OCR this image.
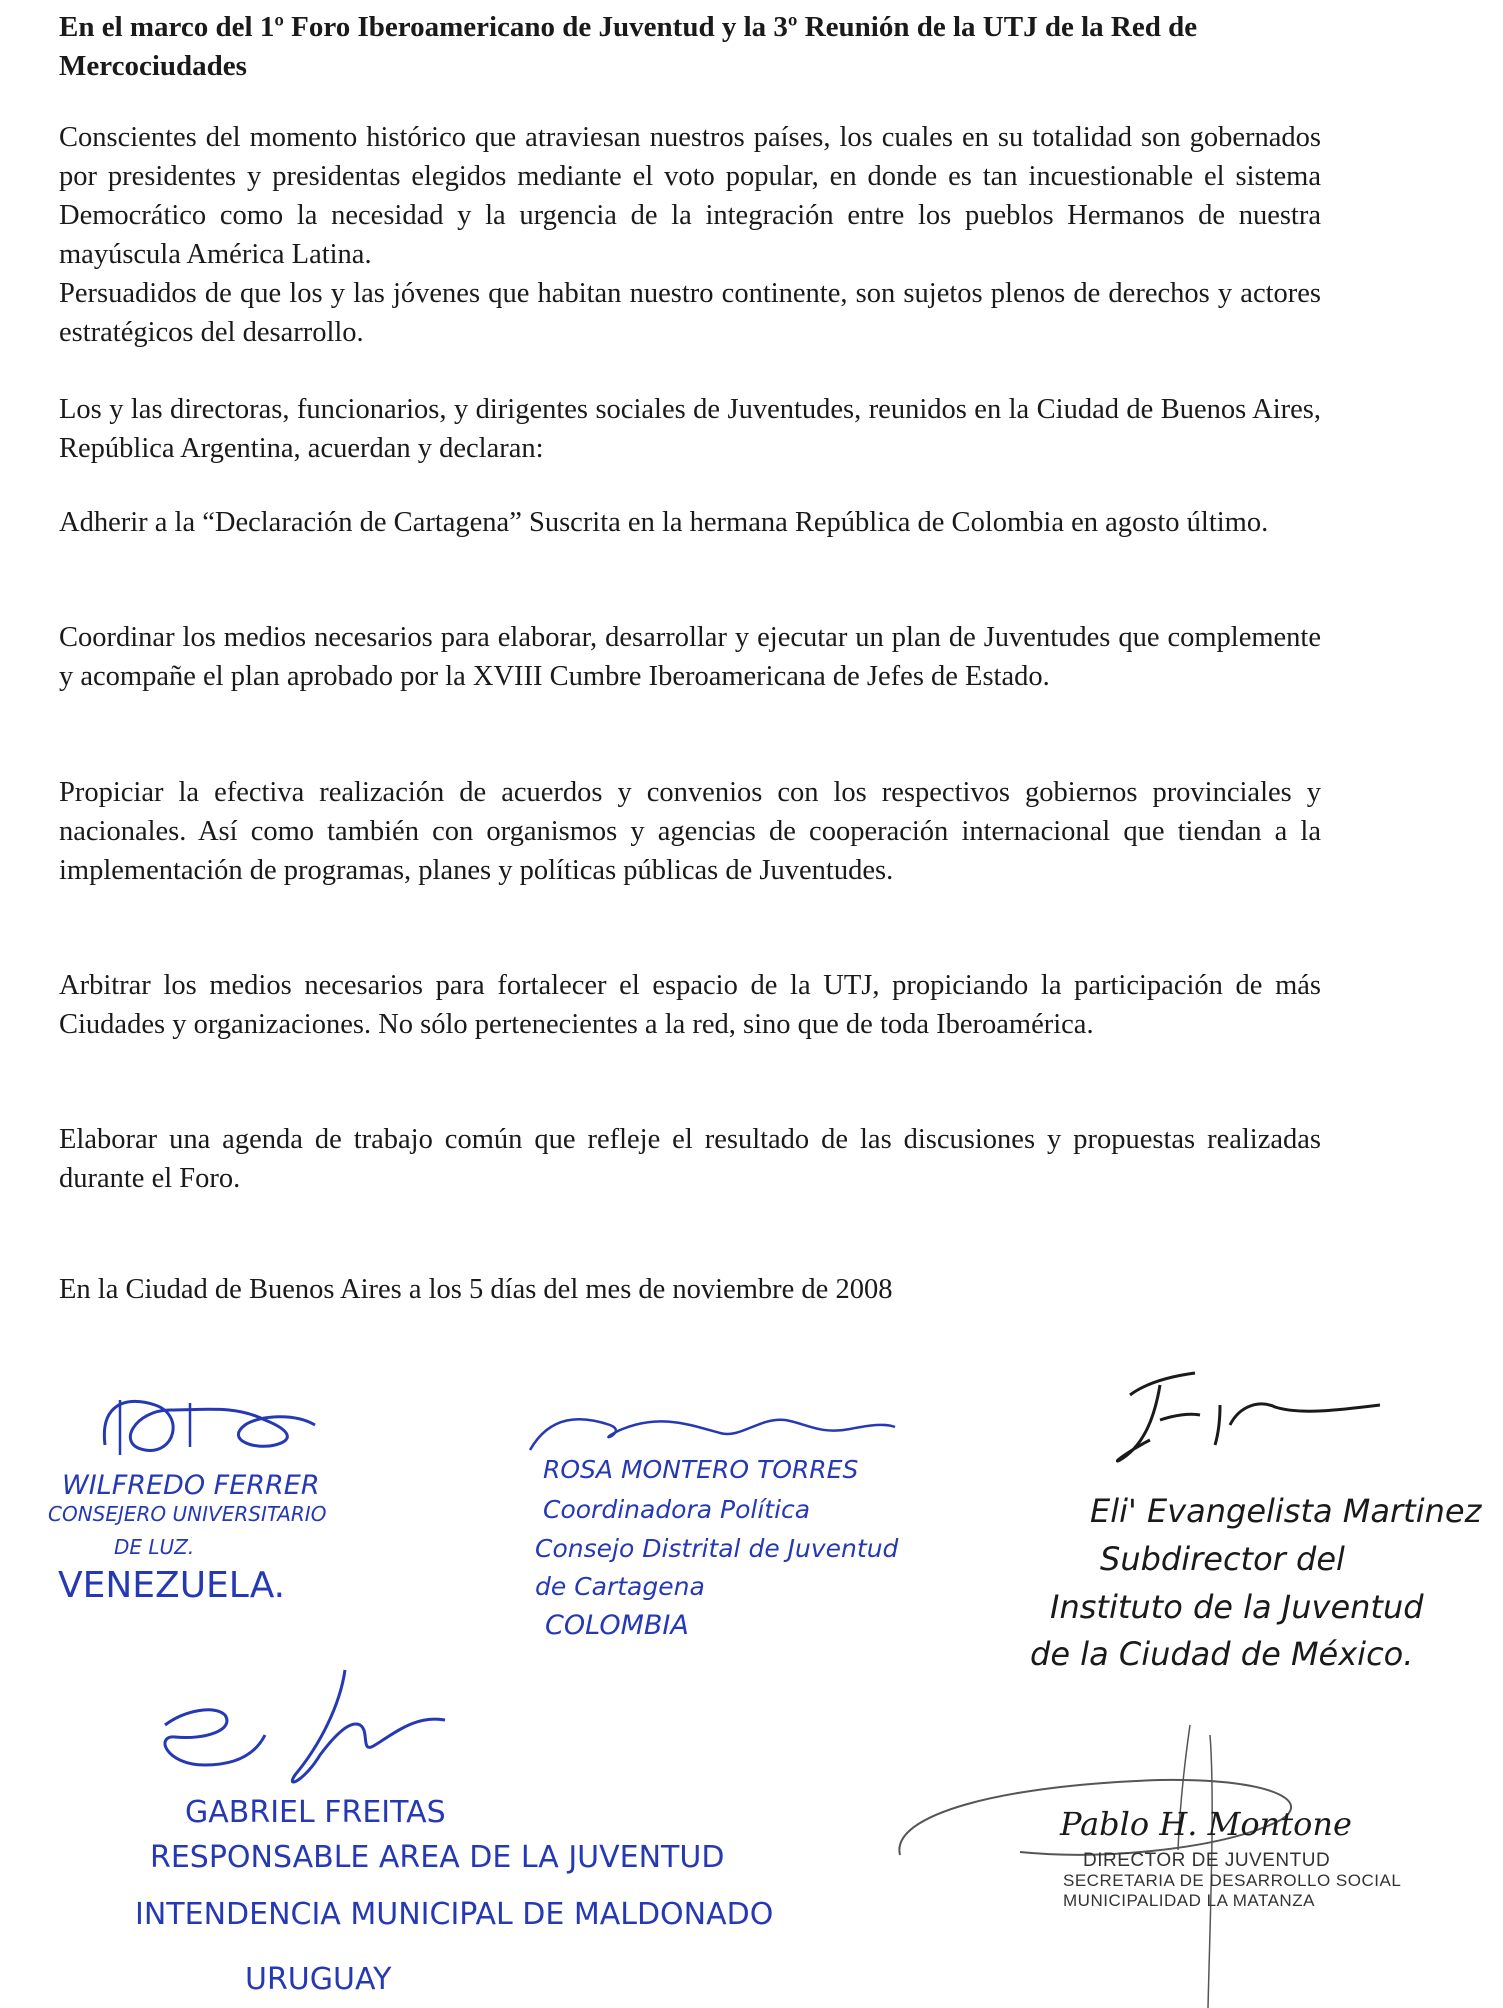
En el marco del 1º Foro Iberoamericano de Juventud y la 3º Reunión de la UTJ de la Red de Mercociudades

Conscientes del momento histórico que atraviesan nuestros países, los cuales en su totalidad son gobernados por presidentes y presidentas elegidos mediante el voto popular, en donde es tan incuestionable el sistema Democrático como la necesidad y la urgencia de la integración entre los pueblos Hermanos de nuestra mayúscula América Latina.

Persuadidos de que los y las jóvenes que habitan nuestro continente, son sujetos plenos de derechos y actores estratégicos del desarrollo.

Los y las directoras, funcionarios, y dirigentes sociales de Juventudes, reunidos en la Ciudad de Buenos Aires, República Argentina, acuerdan y declaran:

Adherir a la “Declaración de Cartagena” Suscrita en la hermana República de Colombia en agosto último.

Coordinar los medios necesarios para elaborar, desarrollar y ejecutar un plan de Juventudes que complemente y acompañe el plan aprobado por la XVIII Cumbre Iberoamericana de Jefes de Estado.

Propiciar la efectiva realización de acuerdos y convenios con los respectivos gobiernos provinciales y nacionales. Así como también con organismos y agencias de cooperación internacional que tiendan a la implementación de programas, planes y políticas públicas de Juventudes.

Arbitrar los medios necesarios para fortalecer el espacio de la UTJ, propiciando la participación de más Ciudades y organizaciones. No sólo pertenecientes a la red, sino que de toda Iberoamérica.

Elaborar una agenda de trabajo común que refleje el resultado de las discusiones y propuestas realizadas durante el Foro.

En la Ciudad de Buenos Aires a los 5 días del mes de noviembre de 2008

WILFREDO FERRER

CONSEJERO UNIVERSITARIO

DE LUZ.

VENEZUELA.

ROSA MONTERO TORRES

Coordinadora Política

Consejo Distrital de Juventud

de Cartagena

COLOMBIA

Eli' Evangelista Martinez

Subdirector del

Instituto de la Juventud

de la Ciudad de México.

GABRIEL FREITAS

RESPONSABLE AREA DE LA JUVENTUD

INTENDENCIA MUNICIPAL DE MALDONADO

URUGUAY

Pablo H. Montone

DIRECTOR DE JUVENTUD

SECRETARIA DE DESARROLLO SOCIAL

MUNICIPALIDAD LA MATANZA
